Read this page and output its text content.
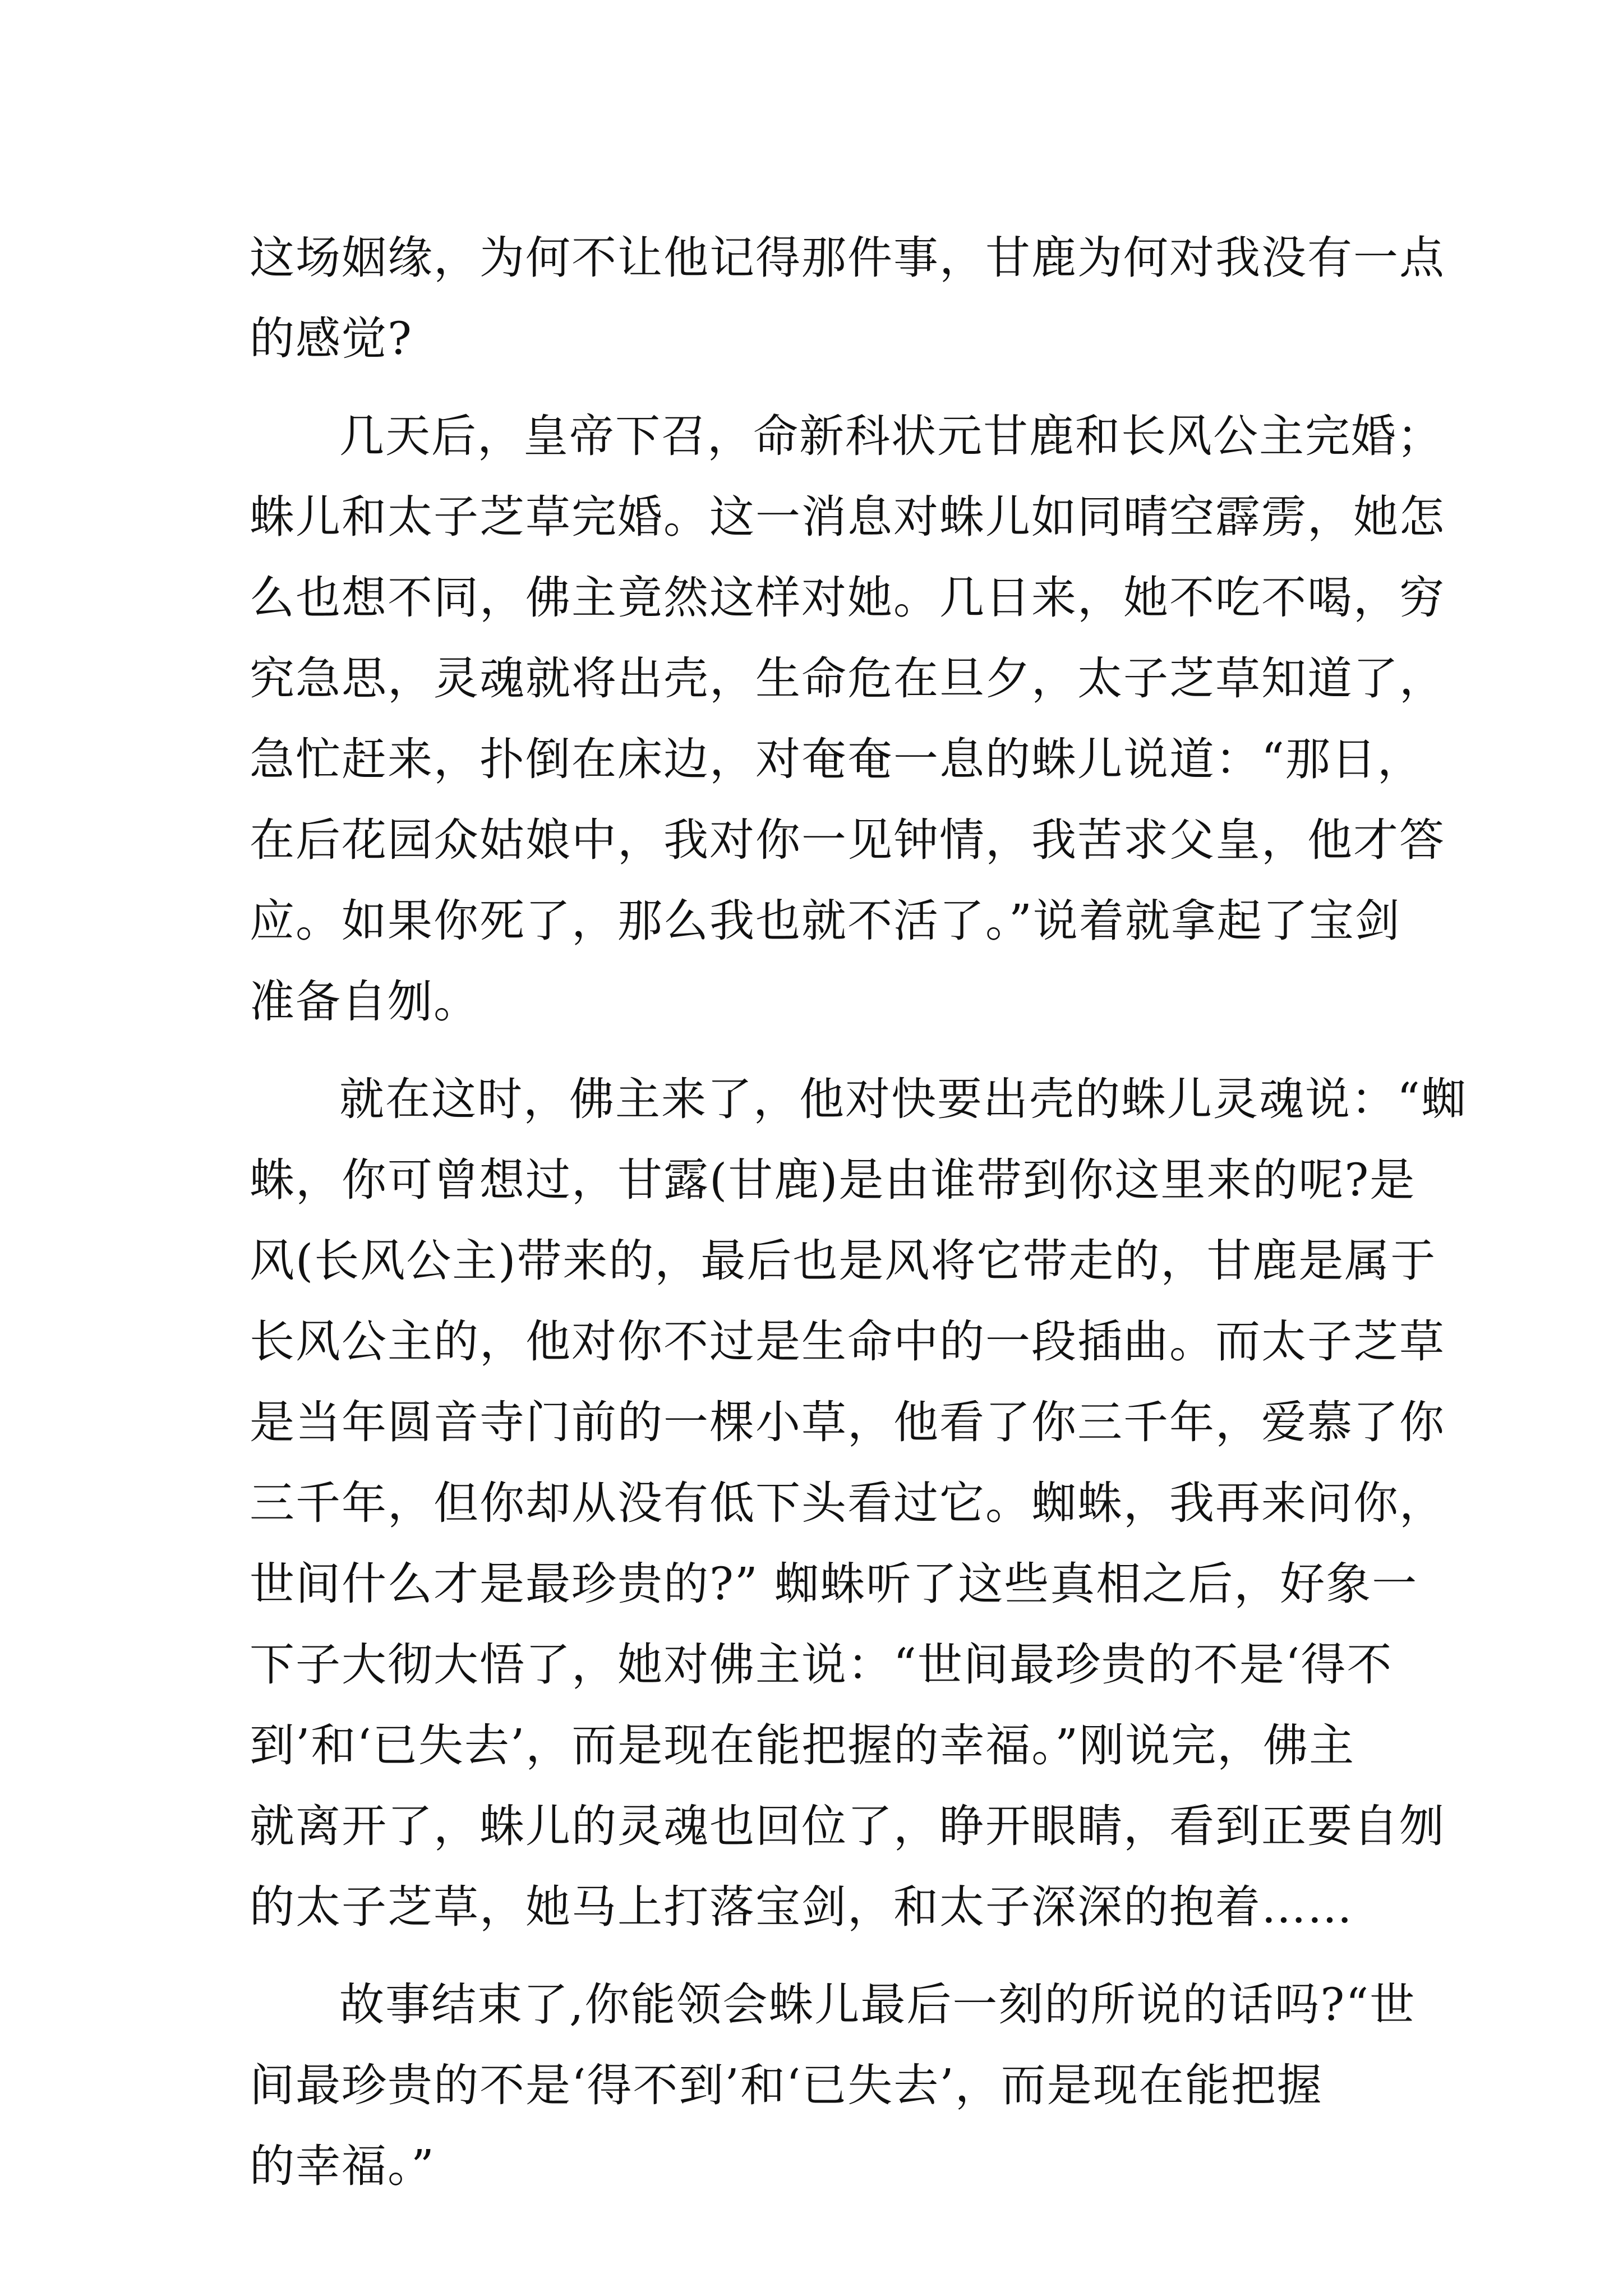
这场姻缘，为何不让他记得那件事，甘鹿为何对我没有一点
的感觉?
几天后，皇帝下召，命新科状元甘鹿和长风公主完婚；
蛛儿和太子芝草完婚。这一消息对蛛儿如同晴空霹雳，她怎
么也想不同，佛主竟然这样对她。几日来，她不吃不喝，穷
究急思，灵魂就将出壳，生命危在旦夕，太子芝草知道了，
急忙赶来，扑倒在床边，对奄奄一息的蛛儿说道：“那日，
在后花园众姑娘中，我对你一见钟情，我苦求父皇，他才答
应。如果你死了，那么我也就不活了。”说着就拿起了宝剑
准备自刎。
就在这时，佛主来了，他对快要出壳的蛛儿灵魂说：“蜘
蛛，你可曾想过，甘露(甘鹿)是由谁带到你这里来的呢?是
风(长风公主)带来的，最后也是风将它带走的，甘鹿是属于
长风公主的，他对你不过是生命中的一段插曲。而太子芝草
是当年圆音寺门前的一棵小草，他看了你三千年，爱慕了你
三千年，但你却从没有低下头看过它。蜘蛛，我再来问你，
世间什么才是最珍贵的?” 蜘蛛听了这些真相之后，好象一
下子大彻大悟了，她对佛主说：“世间最珍贵的不是‘得不
到’和‘已失去’，而是现在能把握的幸福。”刚说完，佛主
就离开了，蛛儿的灵魂也回位了，睁开眼睛，看到正要自刎
的太子芝草，她马上打落宝剑，和太子深深的抱着……
故事结束了,你能领会蛛儿最后一刻的所说的话吗?“世
间最珍贵的不是‘得不到’和‘已失去’，而是现在能把握
的幸福。”
